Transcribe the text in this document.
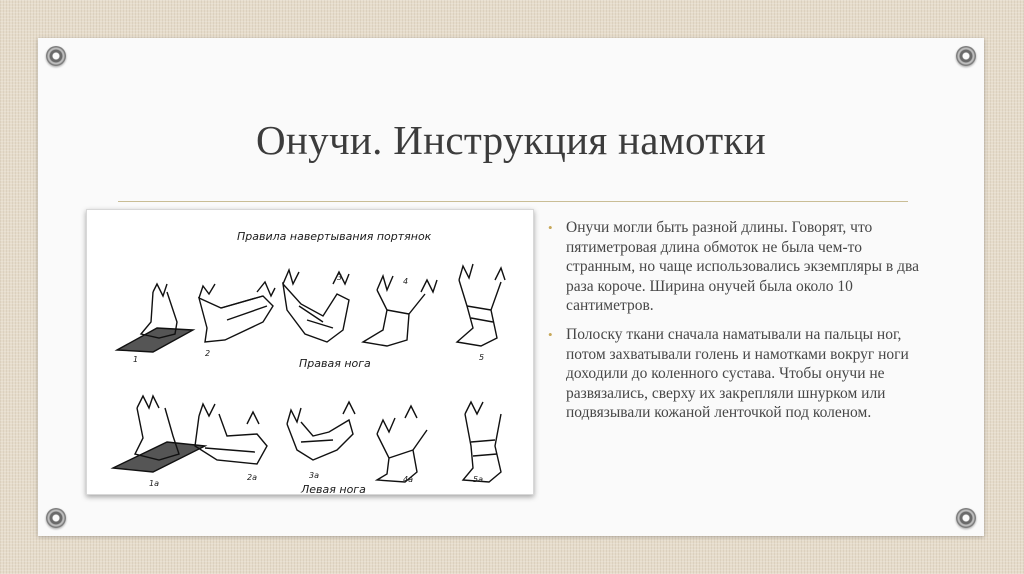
Онучи. Инструкция намотки
Правила навертывания портянок
Правая нога
Левая нога
1
2
3	4
5
1a
2a	3a	4a	5a
• Онучи могли быть разной длины. Говорят, что пятиметровая длина обмоток не была чем-то странным, но чаще использовались экземпляры в два раза короче. Ширина онучей была около 10 сантиметров.
• Полоску ткани сначала наматывали на пальцы ног, потом захватывали голень и намотками вокруг ноги доходили до коленного сустава. Чтобы онучи не развязались, сверху их закрепляли шнурком или подвязывали кожаной ленточкой под коленом.
